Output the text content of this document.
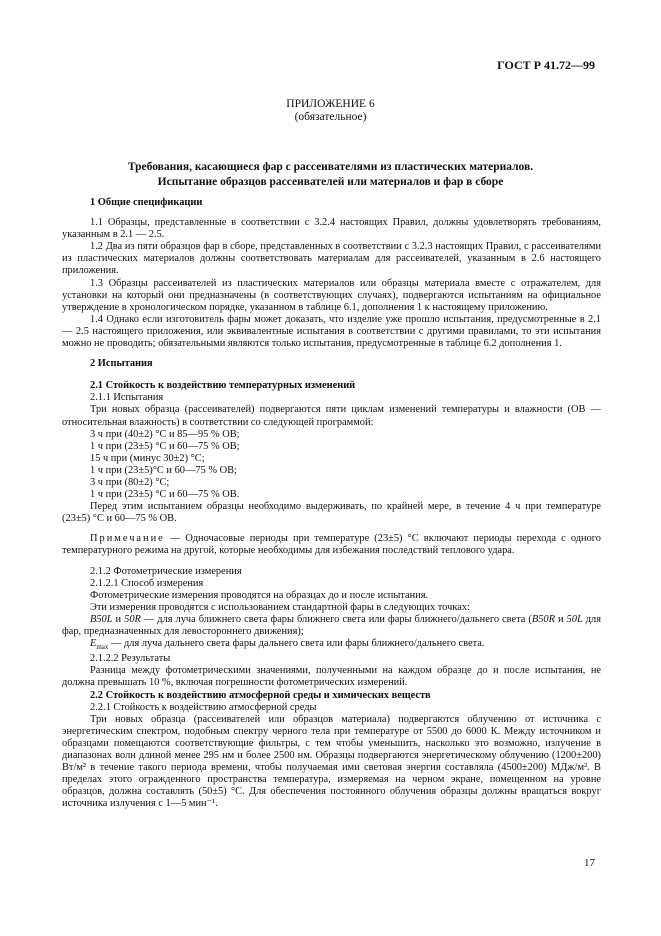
ГОСТ Р 41.72—99
ПРИЛОЖЕНИЕ 6
(обязательное)
Требования, касающиеся фар с рассеивателями из пластических материалов.
Испытание образцов рассеивателей или материалов и фар в сборе

1 Общие спецификации

1.1 Образцы, представленные в соответствии с 3.2.4 настоящих Правил, должны удовлетворять требованиям, указанным в 2.1 — 2.5.

1.2 Два из пяти образцов фар в сборе, представленных в соответствии с 3.2.3 настоящих Правил, с рассеивателями из пластических материалов должны соответствовать материалам для рассеивателей, указанным в 2.6 настоящего приложения.

1.3 Образцы рассеивателей из пластических материалов или образцы материала вместе с отражателем, для установки на который они предназначены (в соответствующих случаях), подвергаются испытаниям на официальное утверждение в хронологическом порядке, указанном в таблице 6.1, дополнения 1 к настоящему приложению.

1.4 Однако если изготовитель фары может доказать, что изделие уже прошло испытания, предусмотренные в 2.1 — 2.5 настоящего приложения, или эквивалентные испытания в соответствии с другими правилами, то эти испытания можно не проводить; обязательными являются только испытания, предусмотренные в таблице 6.2 дополнения 1.

2 Испытания

2.1 Стойкость к воздействию температурных изменений

2.1.1 Испытания

Три новых образца (рассеивателей) подвергаются пяти циклам изменений температуры и влажности (ОВ — относительная влажность) в соответствии со следующей программой:

3 ч при (40±2) °С и 85—95 % ОВ;

1 ч при (23±5) °С и 60—75 % ОВ;

15 ч при (минус 30±2) °С;

1 ч при (23±5)°С и 60—75 % ОВ;

3 ч при (80±2) °С;

1 ч при (23±5) °С и 60—75 % ОВ.

Перед этим испытанием образцы необходимо выдерживать, по крайней мере, в течение 4 ч при температуре (23±5) °С и 60—75 % ОВ.

Примечание — Одночасовые периоды при температуре (23±5) °С включают периоды перехода с одного температурного режима на другой, которые необходимы для избежания последствий теплового удара.

2.1.2 Фотометрические измерения

2.1.2.1 Способ измерения

Фотометрические измерения проводятся на образцах до и после испытания.

Эти измерения проводятся с использованием стандартной фары в следующих точках:

B50L и 50R — для луча ближнего света фары ближнего света или фары ближнего/дальнего света (B50R и 50L для фар, предназначенных для левостороннего движения);

$E_{max}$ — для луча дальнего света фары дальнего света или фары ближнего/дальнего света.

2.1.2.2 Результаты

Разница между фотометрическими значениями, полученными на каждом образце до и после испытания, не должна превышать 10 %, включая погрешности фотометрических измерений.

2.2 Стойкость к воздействию атмосферной среды и химических веществ

2.2.1 Стойкость к воздействию атмосферной среды

Три новых образца (рассеивателей или образцов материала) подвергаются облучению от источника с энергетическим спектром, подобным спектру черного тела при температуре от 5500 до 6000 К. Между источником и образцами помещаются соответствующие фильтры, с тем чтобы уменьшить, насколько это возможно, излучение в диапазонах волн длиной менее 295 нм и более 2500 нм. Образцы подвергаются энергетическому облучению (1200±200) Вт/м² в течение такого периода времени, чтобы получаемая ими световая энергия составляла (4500±200) МДж/м². В пределах этого огражденного пространства температура, измеряемая на черном экране, помещенном на уровне образцов, должна составлять (50±5) °С. Для обеспечения постоянного облучения образцы должны вращаться вокруг источника излучения с 1—5 мин⁻¹.

17
